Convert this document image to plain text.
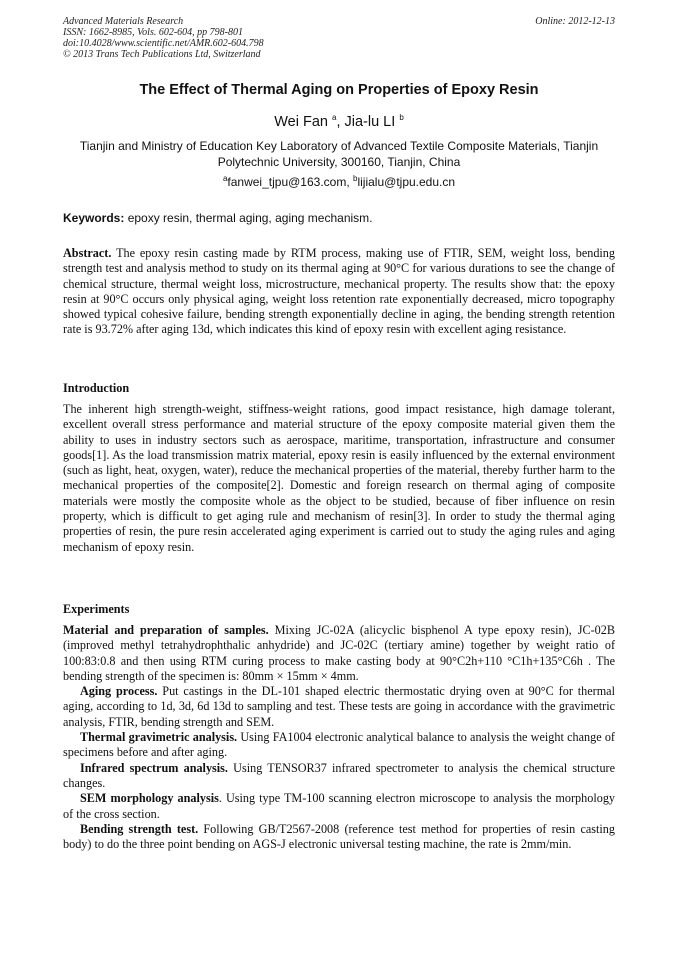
Advanced Materials Research
ISSN: 1662-8985, Vols. 602-604, pp 798-801
doi:10.4028/www.scientific.net/AMR.602-604.798
© 2013 Trans Tech Publications Ltd, Switzerland
Online: 2012-12-13
The Effect of Thermal Aging on Properties of Epoxy Resin
Wei Fan $^a$, Jia-lu LI $^b$
Tianjin and Ministry of Education Key Laboratory of Advanced Textile Composite Materials, Tianjin Polytechnic University, 300160, Tianjin, China
$^a$fanwei_tjpu@163.com, $^b$lijialu@tjpu.edu.cn
Keywords: epoxy resin, thermal aging, aging mechanism.
Abstract. The epoxy resin casting made by RTM process, making use of FTIR, SEM, weight loss, bending strength test and analysis method to study on its thermal aging at 90°C for various durations to see the change of chemical structure, thermal weight loss, microstructure, mechanical property. The results show that: the epoxy resin at 90°C occurs only physical aging, weight loss retention rate exponentially decreased, micro topography showed typical cohesive failure, bending strength exponentially decline in aging, the bending strength retention rate is 93.72% after aging 13d, which indicates this kind of epoxy resin with excellent aging resistance.
Introduction
The inherent high strength-weight, stiffness-weight rations, good impact resistance, high damage tolerant, excellent overall stress performance and material structure of the epoxy composite material given them the ability to uses in industry sectors such as aerospace, maritime, transportation, infrastructure and consumer goods[1]. As the load transmission matrix material, epoxy resin is easily influenced by the external environment (such as light, heat, oxygen, water), reduce the mechanical properties of the material, thereby further harm to the mechanical properties of the composite[2]. Domestic and foreign research on thermal aging of composite materials were mostly the composite whole as the object to be studied, because of fiber influence on resin property, which is difficult to get aging rule and mechanism of resin[3]. In order to study the thermal aging properties of resin, the pure resin accelerated aging experiment is carried out to study the aging rules and aging mechanism of epoxy resin.
Experiments

Material and preparation of samples. Mixing JC-02A (alicyclic bisphenol A type epoxy resin), JC-02B (improved methyl tetrahydrophthalic anhydride) and JC-02C (tertiary amine) together by weight ratio of 100:83:0.8 and then using RTM curing process to make casting body at 90°C2h+110 °C1h+135°C6h . The bending strength of the specimen is: 80mm × 15mm × 4mm.

Aging process. Put castings in the DL-101 shaped electric thermostatic drying oven at 90°C for thermal aging, according to 1d, 3d, 6d 13d to sampling and test. These tests are going in accordance with the gravimetric analysis, FTIR, bending strength and SEM.

Thermal gravimetric analysis. Using FA1004 electronic analytical balance to analysis the weight change of specimens before and after aging.

Infrared spectrum analysis. Using TENSOR37 infrared spectrometer to analysis the chemical structure changes.

SEM morphology analysis. Using type TM-100 scanning electron microscope to analysis the morphology of the cross section.

Bending strength test. Following GB/T2567-2008 (reference test method for properties of resin casting body) to do the three point bending on AGS-J electronic universal testing machine, the rate is 2mm/min.
